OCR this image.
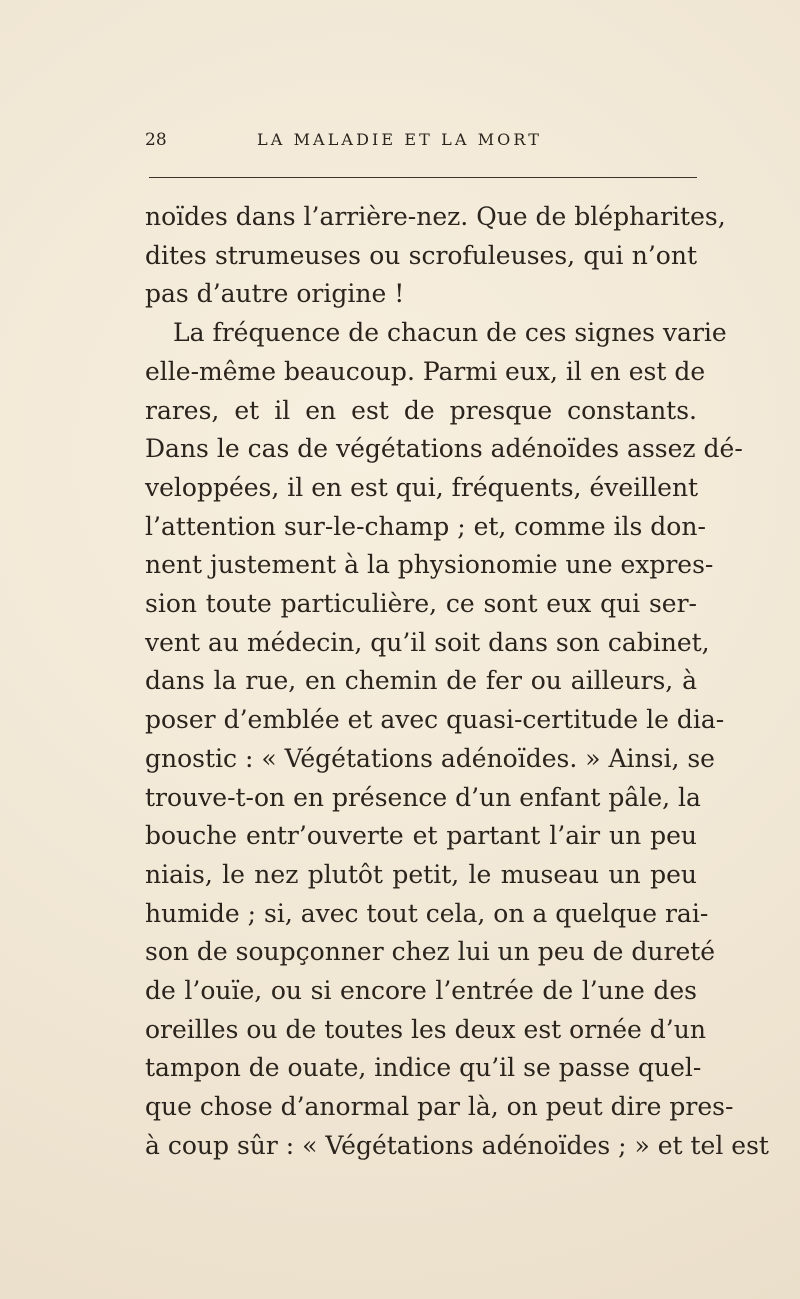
28	LA MALADIE ET LA MORT
noïdes dans l’arrière-nez. Que de blépharites,
dites strumeuses ou scrofuleuses, qui n’ont
pas d’autre origine !
La fréquence de chacun de ces signes varie
elle-même beaucoup. Parmi eux, il en est de
rares, et il en est de presque constants.
Dans le cas de végétations adénoïdes assez dé-
veloppées, il en est qui, fréquents, éveillent
l’attention sur-le-champ ; et, comme ils don-
nent justement à la physionomie une expres-
sion toute particulière, ce sont eux qui ser-
vent au médecin, qu’il soit dans son cabinet,
dans la rue, en chemin de fer ou ailleurs, à
poser d’emblée et avec quasi-certitude le dia-
gnostic : « Végétations adénoïdes. » Ainsi, se
trouve-t-on en présence d’un enfant pâle, la
bouche entr’ouverte et partant l’air un peu
niais, le nez plutôt petit, le museau un peu
humide ; si, avec tout cela, on a quelque rai-
son de soupçonner chez lui un peu de dureté
de l’ouïe, ou si encore l’entrée de l’une des
oreilles ou de toutes les deux est ornée d’un
tampon de ouate, indice qu’il se passe quel-
que chose d’anormal par là, on peut dire pres-
à coup sûr : « Végétations adénoïdes ; » et tel est
